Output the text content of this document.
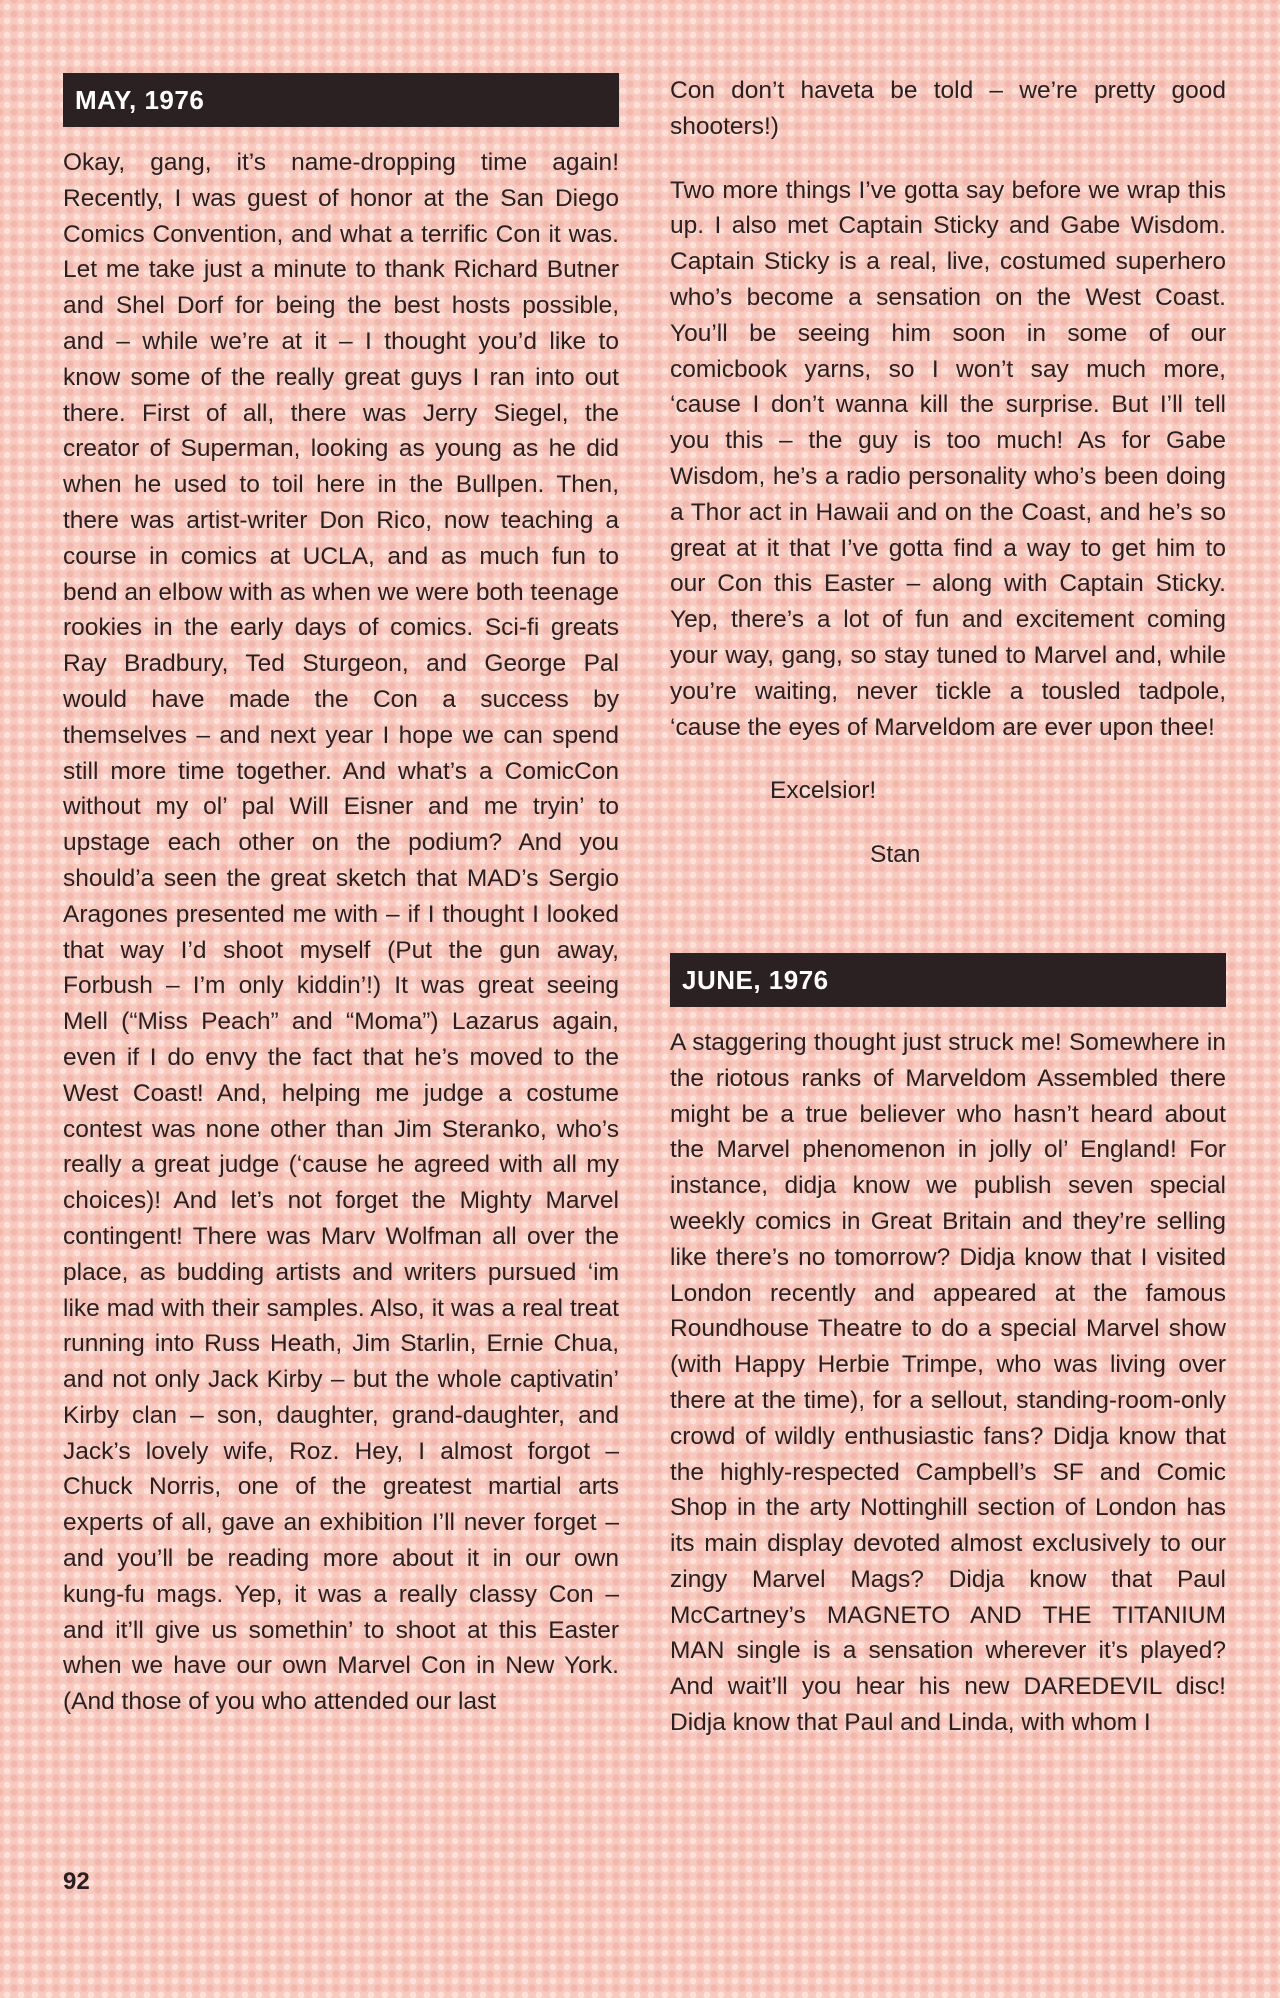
MAY, 1976

Okay, gang, it’s name-dropping time again! Recently, I was guest of honor at the San Diego Comics Convention, and what a terrific Con it was. Let me take just a minute to thank Richard Butner and Shel Dorf for being the best hosts possible, and – while we’re at it – I thought you’d like to know some of the really great guys I ran into out there. First of all, there was Jerry Siegel, the creator of Superman, looking as young as he did when he used to toil here in the Bullpen. Then, there was artist-writer Don Rico, now teaching a course in comics at UCLA, and as much fun to bend an elbow with as when we were both teenage rookies in the early days of comics. Sci-fi greats Ray Bradbury, Ted Sturgeon, and George Pal would have made the Con a success by themselves – and next year I hope we can spend still more time together. And what’s a ComicCon without my ol’ pal Will Eisner and me tryin’ to upstage each other on the podium? And you should’a seen the great sketch that MAD’s Sergio Aragones presented me with – if I thought I looked that way I’d shoot myself (Put the gun away, Forbush – I’m only kiddin’!) It was great seeing Mell (“Miss Peach” and “Moma”) Lazarus again, even if I do envy the fact that he’s moved to the West Coast! And, helping me judge a costume contest was none other than Jim Steranko, who’s really a great judge (‘cause he agreed with all my choices)! And let’s not forget the Mighty Marvel contingent! There was Marv Wolfman all over the place, as budding artists and writers pursued ‘im like mad with their samples. Also, it was a real treat running into Russ Heath, Jim Starlin, Ernie Chua, and not only Jack Kirby – but the whole captivatin’ Kirby clan – son, daughter, grand-daughter, and Jack’s lovely wife, Roz. Hey, I almost forgot – Chuck Norris, one of the greatest martial arts experts of all, gave an exhibition I’ll never forget – and you’ll be reading more about it in our own kung-fu mags. Yep, it was a really classy Con – and it’ll give us somethin’ to shoot at this Easter when we have our own Marvel Con in New York. (And those of you who attended our last

Con don’t haveta be told – we’re pretty good shooters!)

Two more things I’ve gotta say before we wrap this up. I also met Captain Sticky and Gabe Wisdom. Captain Sticky is a real, live, costumed superhero who’s become a sensation on the West Coast. You’ll be seeing him soon in some of our comicbook yarns, so I won’t say much more, ‘cause I don’t wanna kill the surprise. But I’ll tell you this – the guy is too much! As for Gabe Wisdom, he’s a radio personality who’s been doing a Thor act in Hawaii and on the Coast, and he’s so great at it that I’ve gotta find a way to get him to our Con this Easter – along with Captain Sticky. Yep, there’s a lot of fun and excitement coming your way, gang, so stay tuned to Marvel and, while you’re waiting, never tickle a tousled tadpole, ‘cause the eyes of Marveldom are ever upon thee!

Excelsior!

Stan

JUNE, 1976

A staggering thought just struck me! Somewhere in the riotous ranks of Marveldom Assembled there might be a true believer who hasn’t heard about the Marvel phenomenon in jolly ol’ England! For instance, didja know we publish seven special weekly comics in Great Britain and they’re selling like there’s no tomorrow? Didja know that I visited London recently and appeared at the famous Roundhouse Theatre to do a special Marvel show (with Happy Herbie Trimpe, who was living over there at the time), for a sellout, standing-room-only crowd of wildly enthusiastic fans? Didja know that the highly-respected Campbell’s SF and Comic Shop in the arty Nottinghill section of London has its main display devoted almost exclusively to our zingy Marvel Mags? Didja know that Paul McCartney’s MAGNETO AND THE TITANIUM MAN single is a sensation wherever it’s played? And wait’ll you hear his new DAREDEVIL disc! Didja know that Paul and Linda, with whom I

92
